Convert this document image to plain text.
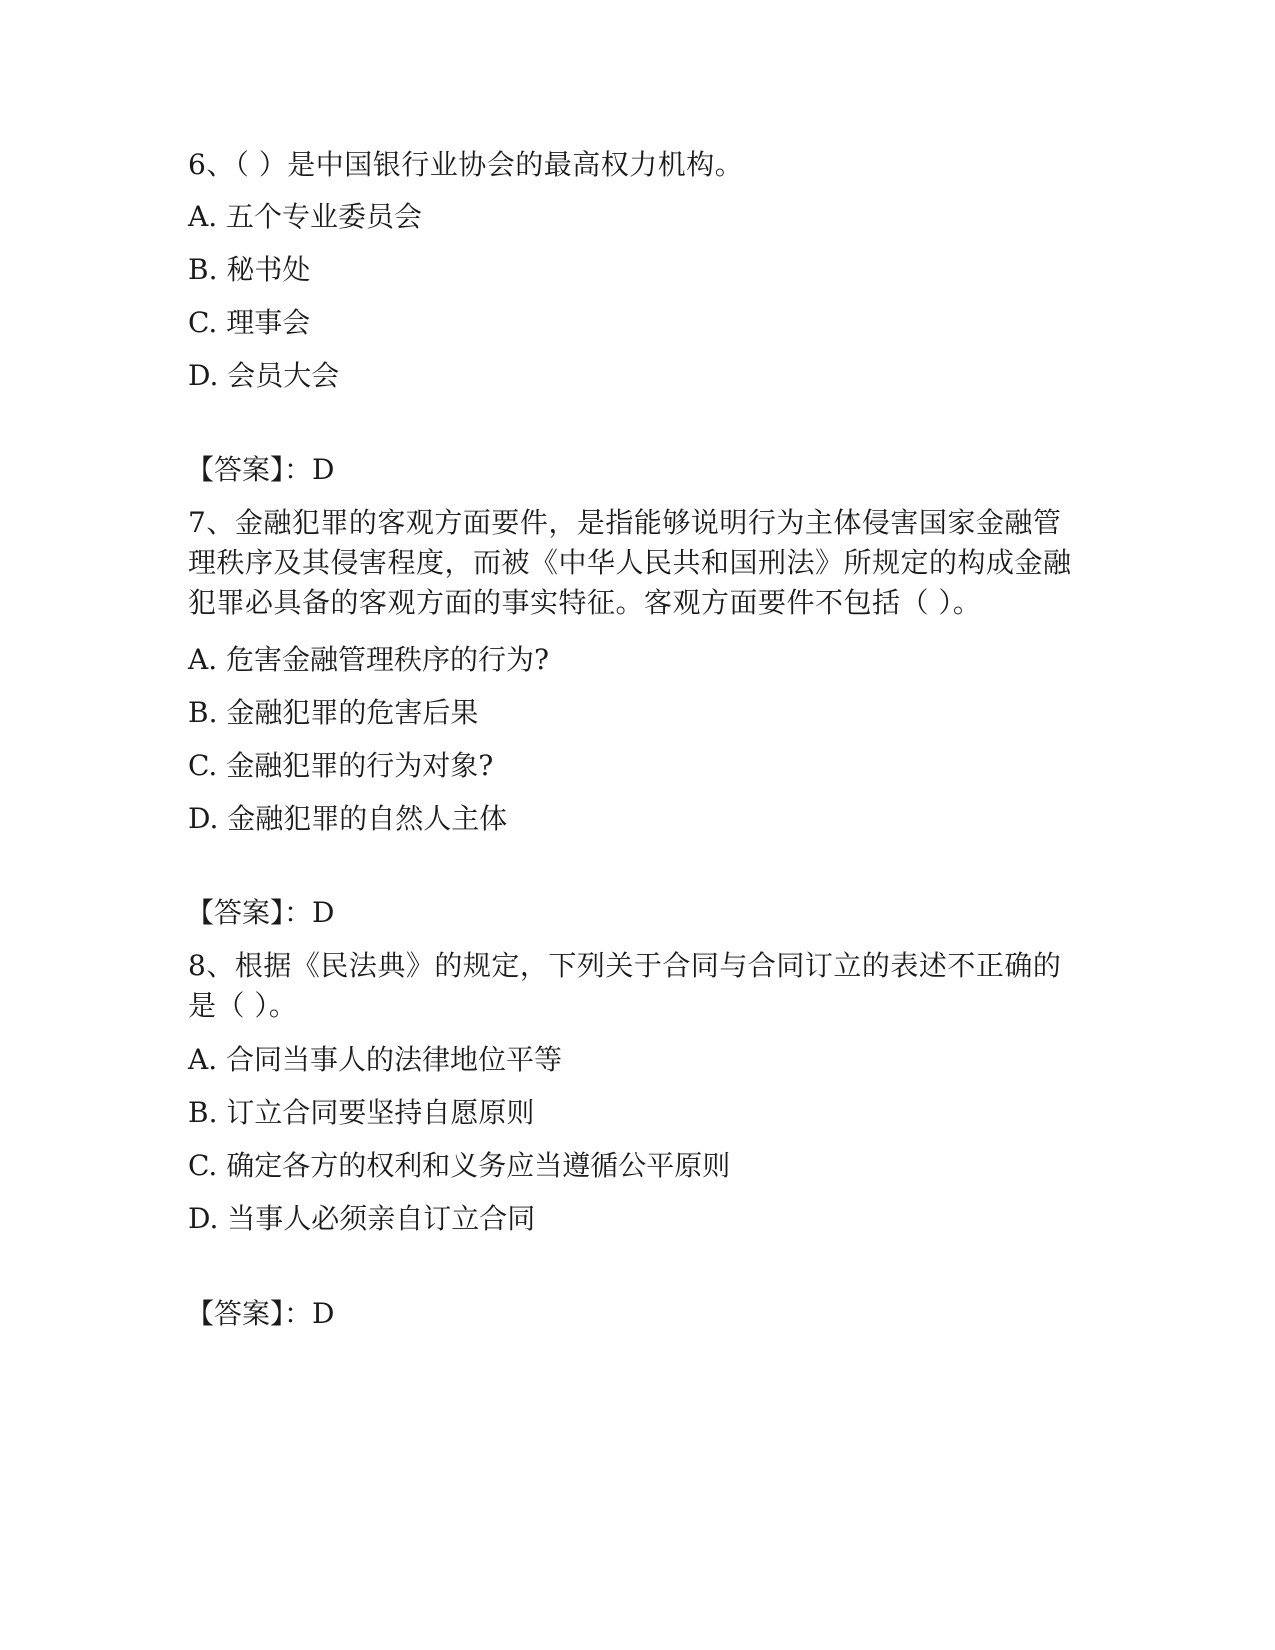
6、（ ）是中国银行业协会的最高权力机构。
A. 五个专业委员会
B. 秘书处
C. 理事会
D. 会员大会
【答案】：D
7、金融犯罪的客观方面要件，是指能够说明行为主体侵害国家金融管理秩序及其侵害程度，而被《中华人民共和国刑法》所规定的构成金融犯罪必具备的客观方面的事实特征。客观方面要件不包括（ ）。
A. 危害金融管理秩序的行为?
B. 金融犯罪的危害后果
C. 金融犯罪的行为对象?
D. 金融犯罪的自然人主体
【答案】：D
8、根据《民法典》的规定，下列关于合同与合同订立的表述不正确的是（ ）。
A. 合同当事人的法律地位平等
B. 订立合同要坚持自愿原则
C. 确定各方的权利和义务应当遵循公平原则
D. 当事人必须亲自订立合同
【答案】：D
